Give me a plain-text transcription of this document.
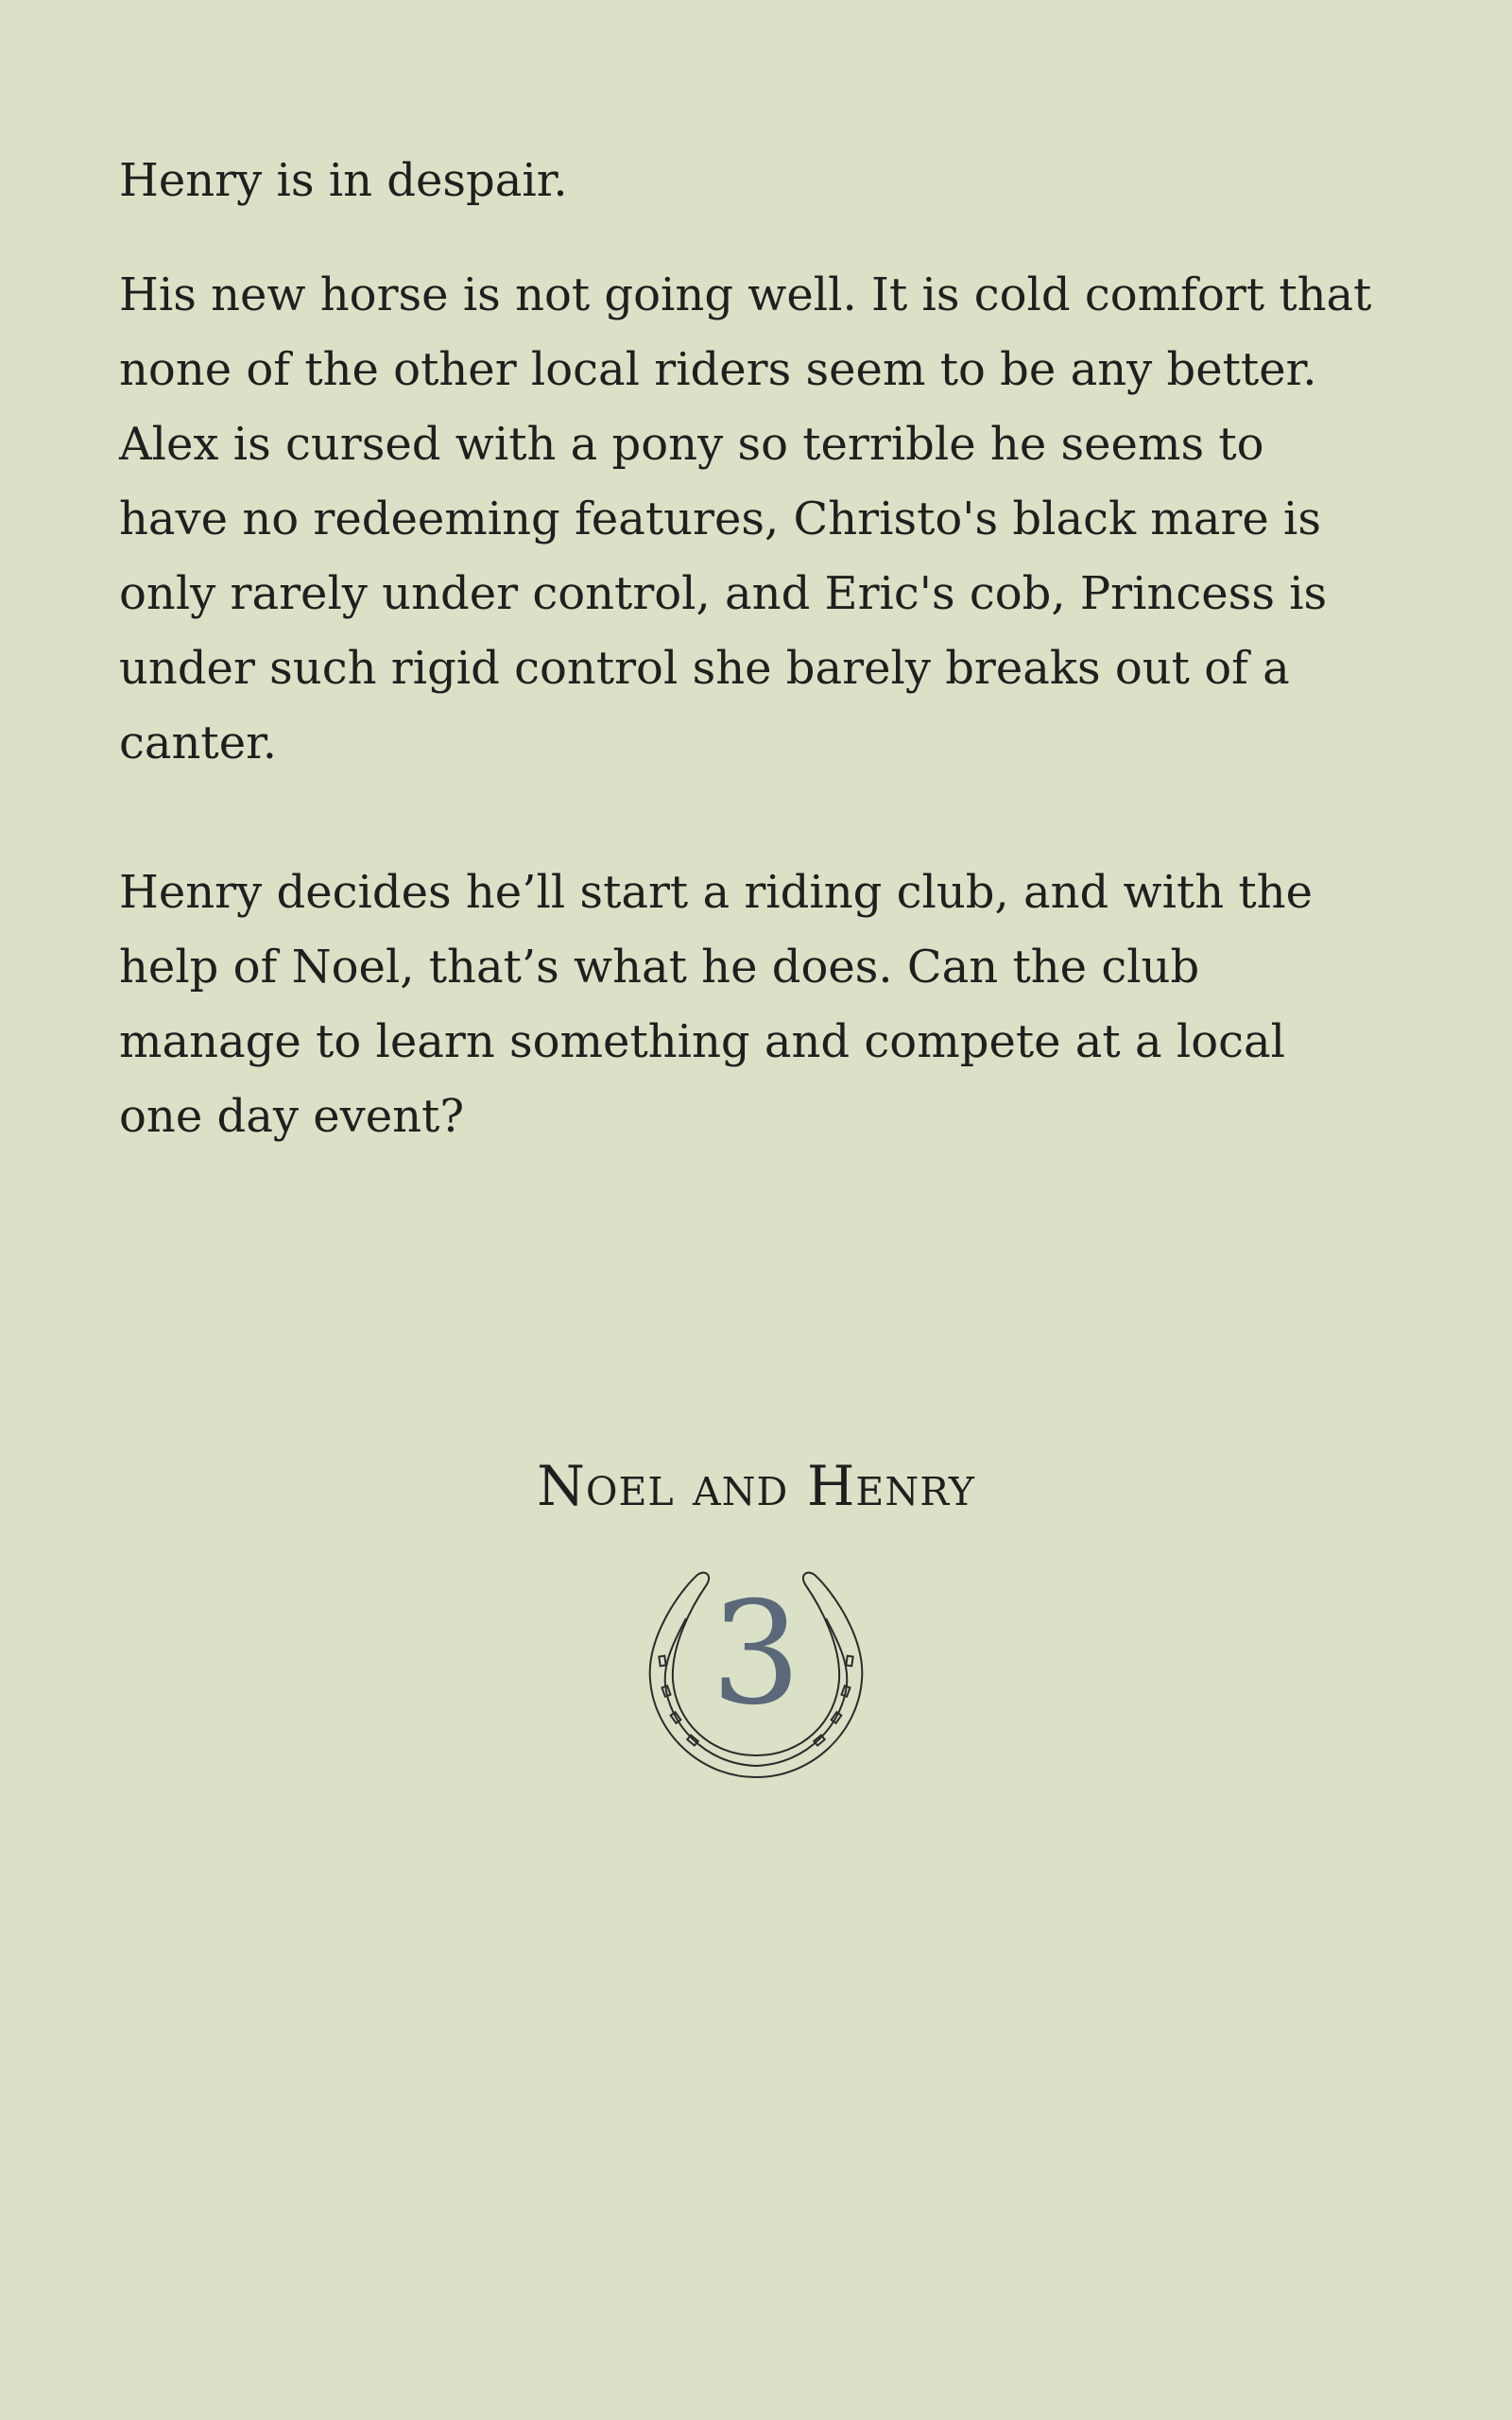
Henry is in despair.

His new horse is not going well. It is cold comfort that none of the other local riders seem to be any better. Alex is cursed with a pony so terrible he seems to have no redeeming features, Christo's black mare is only rarely under control, and Eric's cob, Princess is under such rigid control she barely breaks out of a canter.

Henry decides he’ll start a riding club, and with the help of Noel, that’s what he does. Can the club manage to learn something and compete at a local one day event?

Noel and Henry
3
